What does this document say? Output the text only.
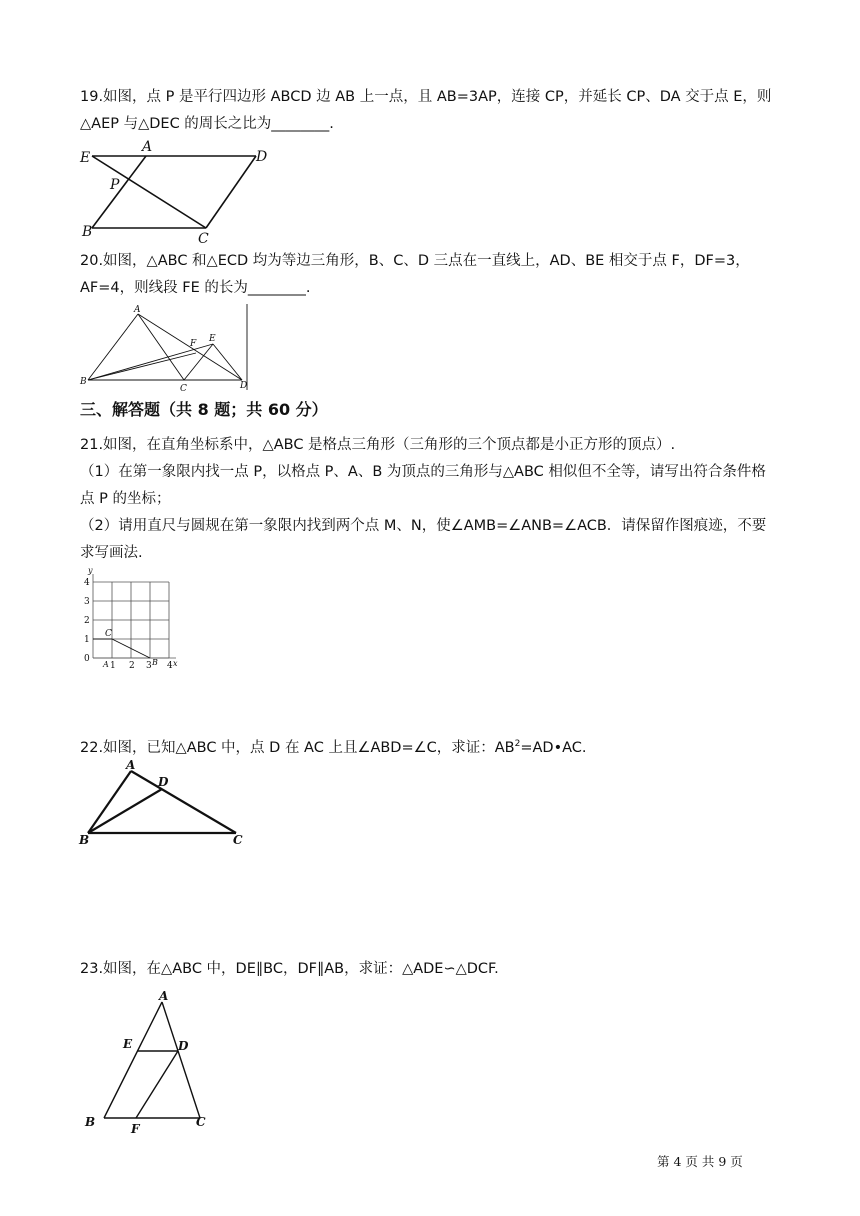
19.如图，点 P 是平行四边形 ABCD 边 AB 上一点，且 AB=3AP，连接 CP，并延长 CP、DA 交于点 E，则△AEP 与△DEC 的周长之比为________.

E
A
D
P
B	C

20.如图，△ABC 和△ECD 均为等边三角形，B、C、D 三点在一直线上，AD、BE 相交于点 F，DF=3，AF=4，则线段 FE 的长为________.

A
F E
B
C	D

三、解答题（共 8 题；共 60 分）

21.如图，在直角坐标系中，△ABC 是格点三角形（三角形的三个顶点都是小正方形的顶点）.

（1）在第一象限内找一点 P，以格点 P、A、B 为顶点的三角形与△ABC 相似但不全等，请写出符合条件格点 P 的坐标；

（2）请用直尺与圆规在第一象限内找到两个点 M、N，使∠AMB=∠ANB=∠ACB．请保留作图痕迹，不要求写画法.

y
x
4
3
2
1
0
1 2 3 4
C
A	B

22.如图，已知△ABC 中，点 D 在 AC 上且∠ABD=∠C，求证：$AB^2=AD•AC$.

A
D
B	C

23.如图，在△ABC 中，DE∥BC，DF∥AB，求证：△ADE∽△DCF.

A
E	D
B	F	C
第 4 页 共 9 页
